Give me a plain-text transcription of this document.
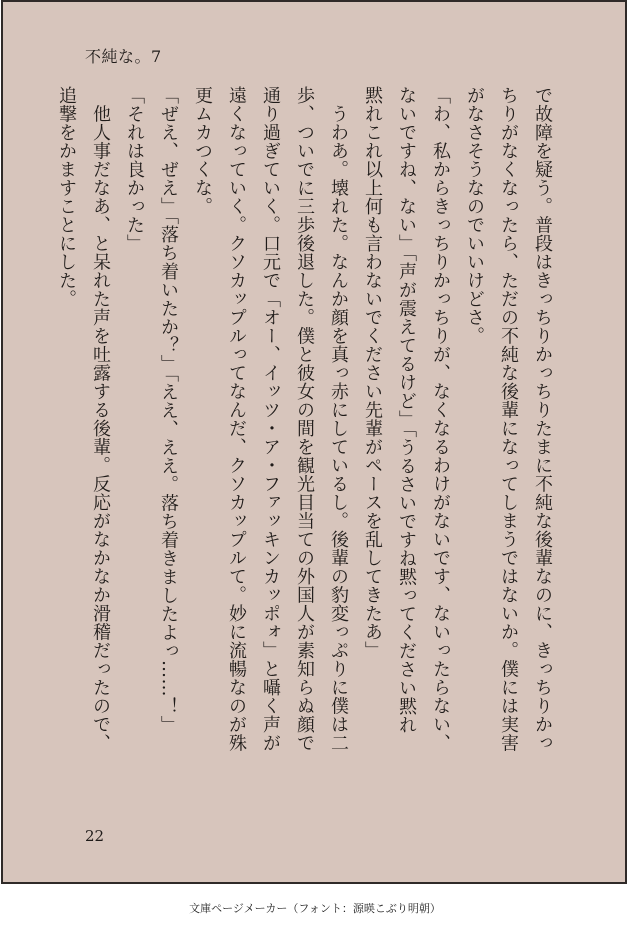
不純な。7

で故障を疑う。普段はきっちりかっちりたまに不純な後輩なのに、きっちりかっ

ちりがなくなったら、ただの不純な後輩になってしまうではないか。僕には実害

がなさそうなのでいいけどさ。

「わ、私からきっちりかっちりが、なくなるわけがないです、ないったらない、

ないですね、ない」「声が震えてるけど」「うるさいですね黙ってください黙れ

黙れこれ以上何も言わないでください先輩がペースを乱してきたあ」

　うわあ。壊れた。なんか顔を真っ赤にしているし。後輩の豹変っぷりに僕は二

歩、ついでに三歩後退した。僕と彼女の間を観光目当ての外国人が素知らぬ顔で

通り過ぎていく。口元で「オー、イッツ・ア・ファッキンカッポォ」と囁く声が

遠くなっていく。クソカップルってなんだ、クソカップルて。妙に流暢なのが殊

更ムカつくな。

「ぜえ、ぜえ」「落ち着いたか？」「ええ、ええ。落ち着きましたよっ……！」

「それは良かった」

　他人事だなあ、と呆れた声を吐露する後輩。反応がなかなか滑稽だったので、

追撃をかますことにした。

22
文庫ページメーカー（フォント：源暎こぶり明朝）
